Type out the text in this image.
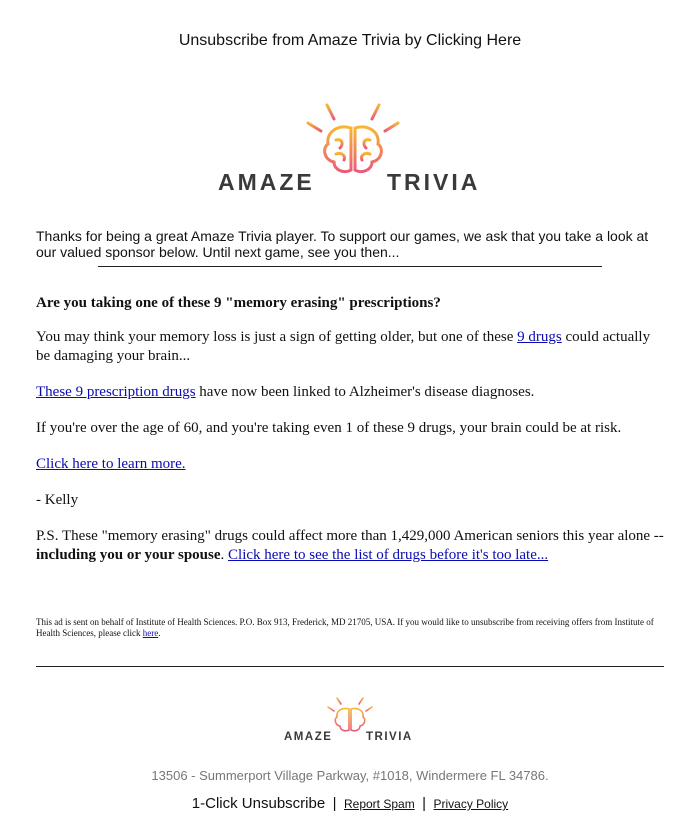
Unsubscribe from Amaze Trivia by Clicking Here
AMAZE	TRIVIA
Thanks for being a great Amaze Trivia player. To support our games, we ask that you take a look at our valued sponsor below. Until next game, see you then...

Are you taking one of these 9 "memory erasing" prescriptions?

You may think your memory loss is just a sign of getting older, but one of these 9 drugs could actually be damaging your brain...

These 9 prescription drugs have now been linked to Alzheimer's disease diagnoses.

If you're over the age of 60, and you're taking even 1 of these 9 drugs, your brain could be at risk.

Click here to learn more.

- Kelly

P.S. These "memory erasing" drugs could affect more than 1,429,000 American seniors this year alone -- including you or your spouse. Click here to see the list of drugs before it's too late...

This ad is sent on behalf of Institute of Health Sciences. P.O. Box 913, Frederick, MD 21705, USA. If you would like to unsubscribe from receiving offers from Institute of Health Sciences, please click here.
AMAZE	TRIVIA
13506 - Summerport Village Parkway, #1018, Windermere FL 34786.
1-Click Unsubscribe | Report Spam | Privacy Policy
